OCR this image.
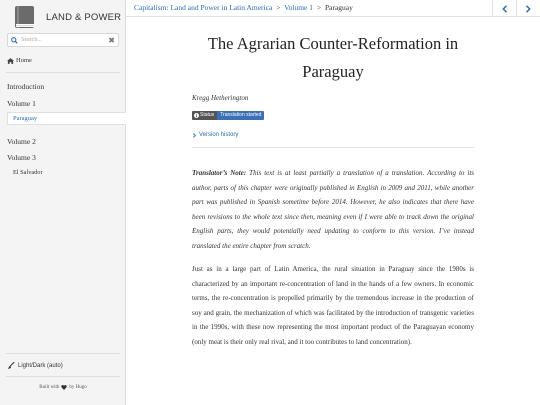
LAND & POWER
Search...
✖
Home
Introduction
Volume 1
Paraguay
Volume 2
Volume 3
El Salvador
Light/Dark (auto)
Built with by Hugo
Capitalism: Land and Power in Latin America > Volume 1 > Paraguay
The Agrarian Counter-Reformation in Paraguay

Kregg Hetherington

Status	Translation started
Version history

Translator’s Note: This text is at least partially a translation of a translation. According to its author, parts of this chapter were originally published in English in 2009 and 2011, while another part was published in Spanish sometime before 2014. However, he also indicates that there have been revisions to the whole text since then, meaning even if I were able to track down the original English parts, they would potentially need updating to conform to this version. I’ve instead translated the entire chapter from scratch.

Just as in a large part of Latin America, the rural situation in Paraguay since the 1980s is characterized by an important re-concentration of land in the hands of a few owners. In economic terms, the re-concentration is propelled primarily by the tremendous increase in the production of soy and grain, the mechanization of which was facilitated by the introduction of transgenic varieties in the 1990s, with these now representing the most important product of the Paraguayan economy (only meat is their only real rival, and it too contributes to land concentration).
